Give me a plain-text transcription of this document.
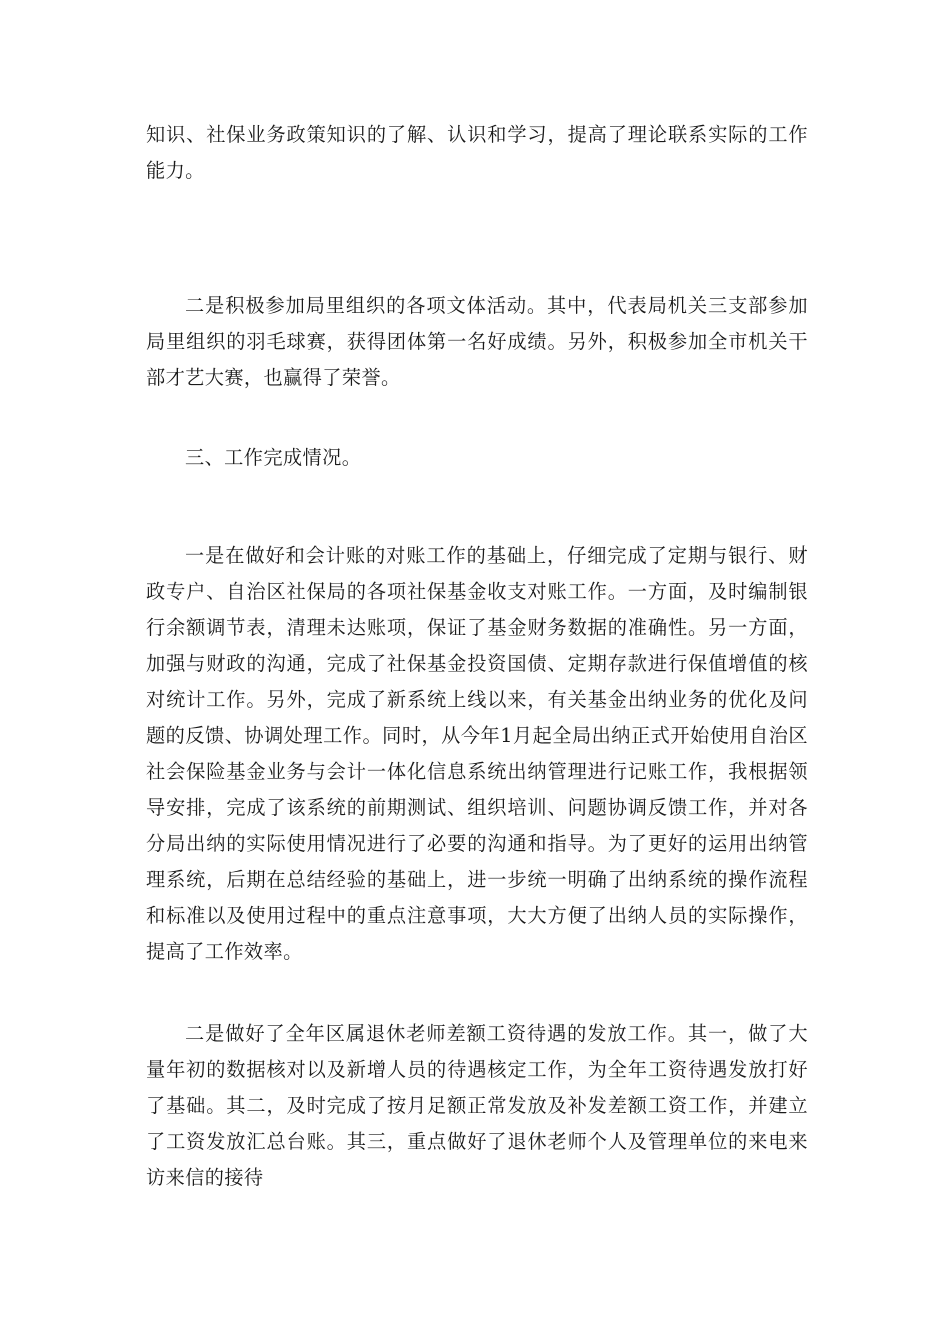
知识、社保业务政策知识的了解、认识和学习，提高了理论联系实际的工作能力。

二是积极参加局里组织的各项文体活动。其中，代表局机关三支部参加局里组织的羽毛球赛，获得团体第一名好成绩。另外，积极参加全市机关干部才艺大赛，也赢得了荣誉。

三、工作完成情况。

一是在做好和会计账的对账工作的基础上，仔细完成了定期与银行、财政专户、自治区社保局的各项社保基金收支对账工作。一方面，及时编制银行余额调节表，清理未达账项，保证了基金财务数据的准确性。另一方面，加强与财政的沟通，完成了社保基金投资国债、定期存款进行保值增值的核对统计工作。另外，完成了新系统上线以来，有关基金出纳业务的优化及问题的反馈、协调处理工作。同时，从今年1月起全局出纳正式开始使用自治区社会保险基金业务与会计一体化信息系统出纳管理进行记账工作，我根据领导安排，完成了该系统的前期测试、组织培训、问题协调反馈工作，并对各分局出纳的实际使用情况进行了必要的沟通和指导。为了更好的运用出纳管理系统，后期在总结经验的基础上，进一步统一明确了出纳系统的操作流程和标准以及使用过程中的重点注意事项，大大方便了出纳人员的实际操作，提高了工作效率。

二是做好了全年区属退休老师差额工资待遇的发放工作。其一，做了大量年初的数据核对以及新增人员的待遇核定工作，为全年工资待遇发放打好了基础。其二，及时完成了按月足额正常发放及补发差额工资工作，并建立了工资发放汇总台账。其三，重点做好了退休老师个人及管理单位的来电来访来信的接待
